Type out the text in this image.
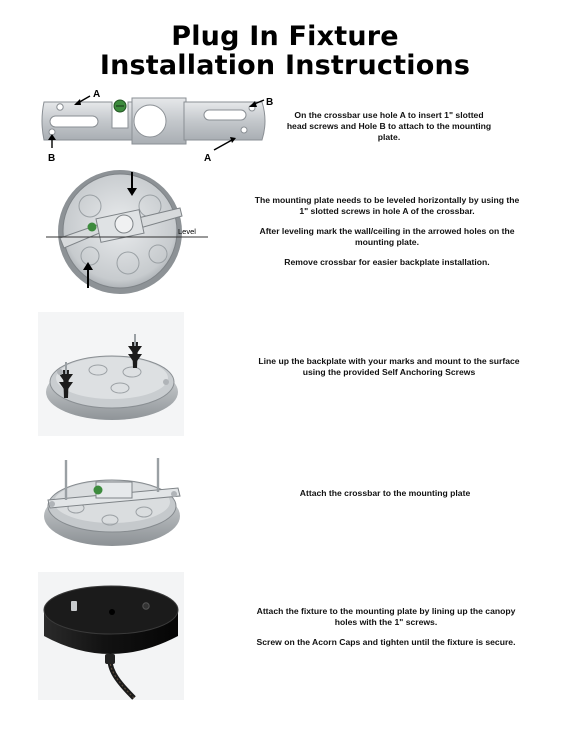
Plug In Fixture
Installation Instructions
A
B
B	A

On the crossbar use hole A to insert 1" slotted head screws and Hole B to attach to the mounting plate.

Level

The mounting plate needs to be leveled horizontally by using the 1" slotted screws in hole A of the crossbar.

After leveling mark the wall/ceiling in the arrowed holes on the mounting plate.

Remove crossbar for easier backplate installation.

Line up the backplate with your marks and mount to the surface using the provided Self Anchoring Screws

Attach the crossbar to the mounting plate

Attach the fixture to the mounting plate by lining up the canopy holes with the 1" screws.

Screw on the Acorn Caps and tighten until the fixture is secure.
